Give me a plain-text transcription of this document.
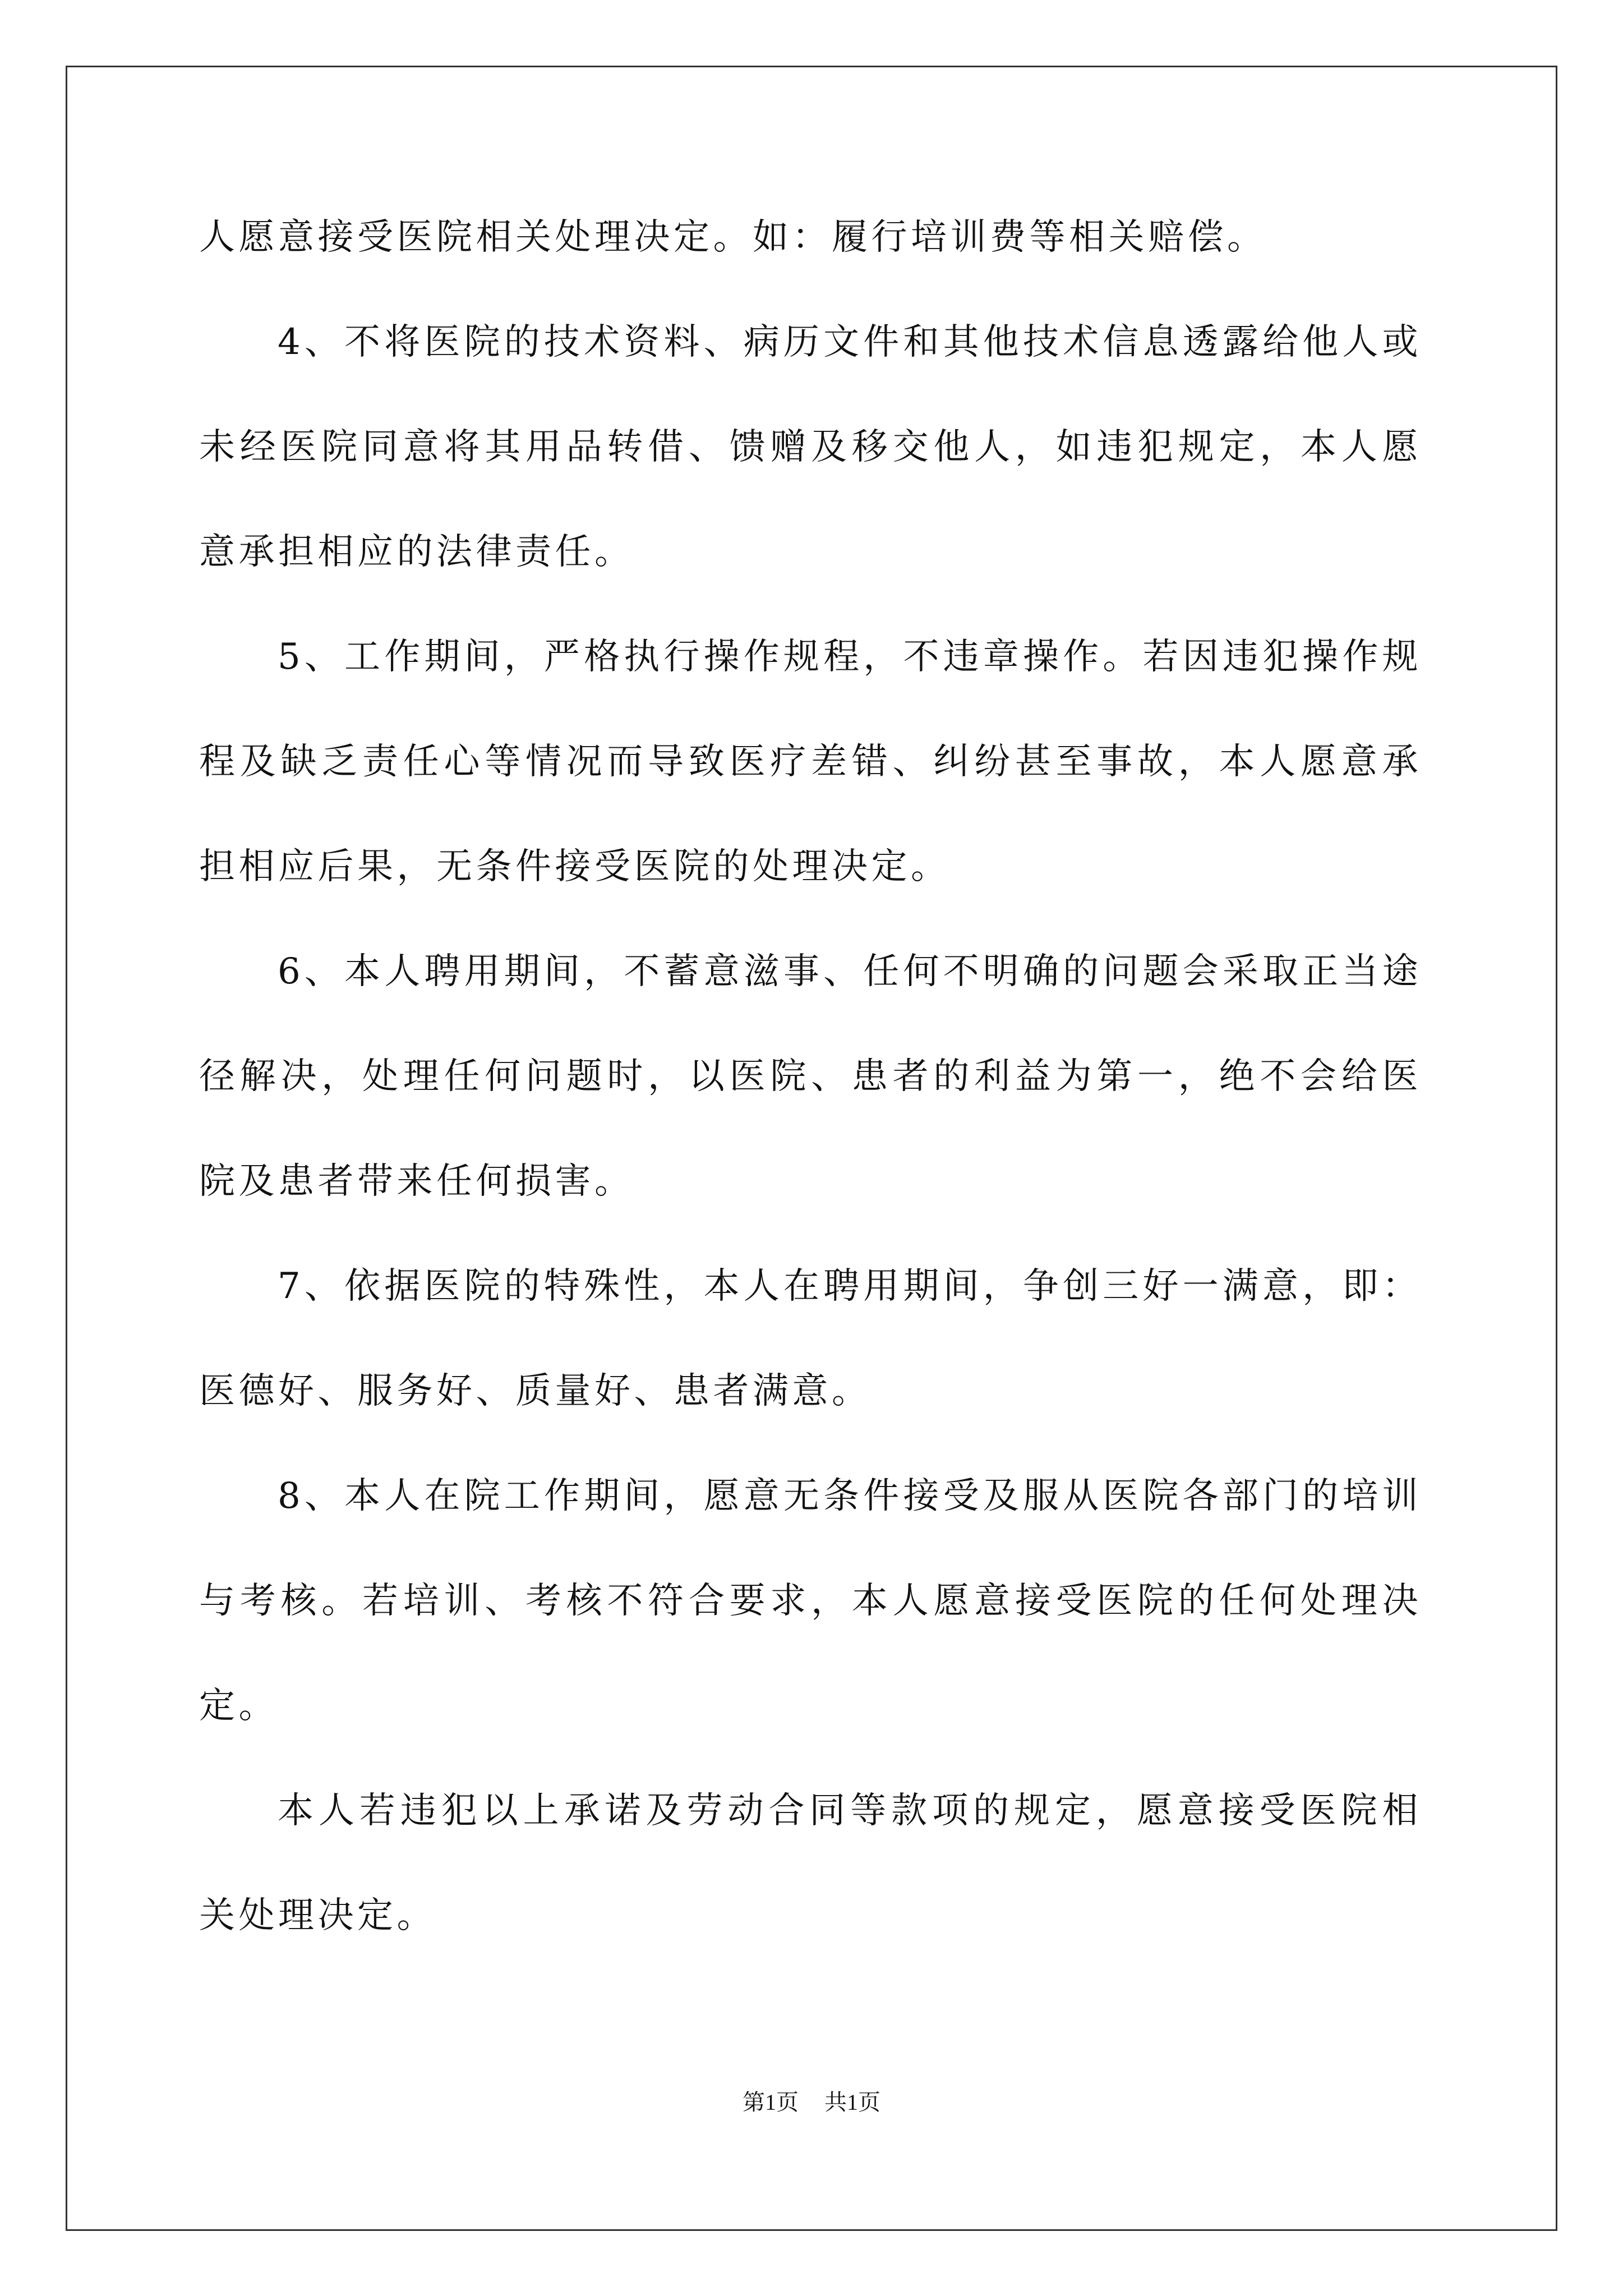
人愿意接受医院相关处理决定。如：履行培训费等相关赔偿。

4、不将医院的技术资料、病历文件和其他技术信息透露给他人或未经医院同意将其用品转借、馈赠及移交他人，如违犯规定，本人愿意承担相应的法律责任。

5、工作期间，严格执行操作规程，不违章操作。若因违犯操作规程及缺乏责任心等情况而导致医疗差错、纠纷甚至事故，本人愿意承担相应后果，无条件接受医院的处理决定。

6、本人聘用期间，不蓄意滋事、任何不明确的问题会采取正当途径解决，处理任何问题时，以医院、患者的利益为第一，绝不会给医院及患者带来任何损害。

7、依据医院的特殊性，本人在聘用期间，争创三好一满意，即：医德好、服务好、质量好、患者满意。

8、本人在院工作期间，愿意无条件接受及服从医院各部门的培训与考核。若培训、考核不符合要求，本人愿意接受医院的任何处理决定。

本人若违犯以上承诺及劳动合同等款项的规定，愿意接受医院相关处理决定。

第1页 共1页
